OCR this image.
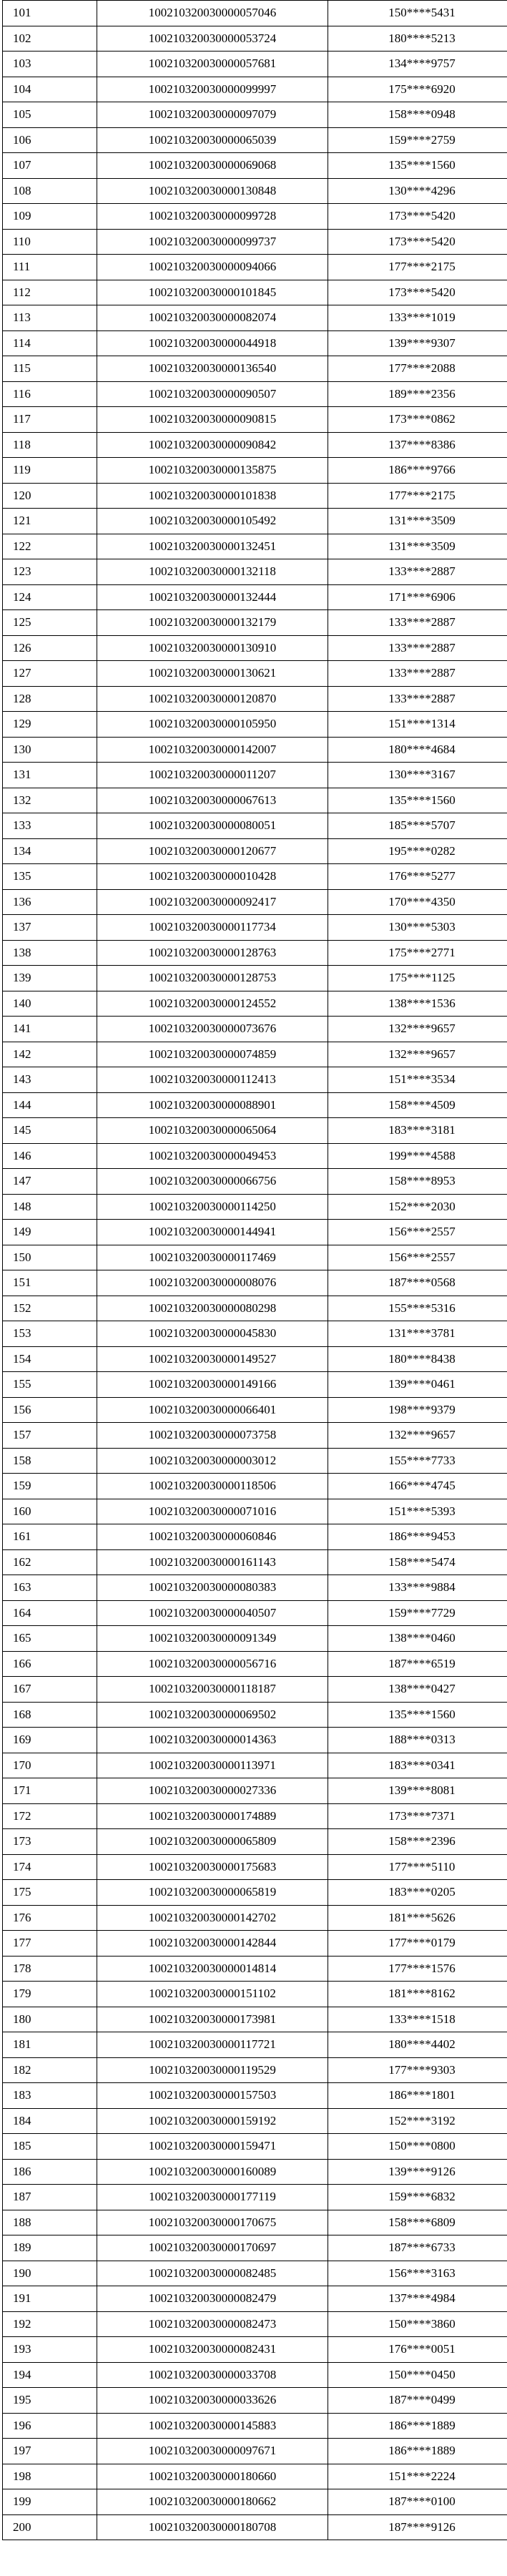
101	100210320030000057046	150****5431
102	100210320030000053724	180****5213
103	100210320030000057681	134****9757
104	100210320030000099997	175****6920
105	100210320030000097079	158****0948
106	100210320030000065039	159****2759
107	100210320030000069068	135****1560
108	100210320030000130848	130****4296
109	100210320030000099728	173****5420
110	100210320030000099737	173****5420
111	100210320030000094066	177****2175
112	100210320030000101845	173****5420
113	100210320030000082074	133****1019
114	100210320030000044918	139****9307
115	100210320030000136540	177****2088
116	100210320030000090507	189****2356
117	100210320030000090815	173****0862
118	100210320030000090842	137****8386
119	100210320030000135875	186****9766
120	100210320030000101838	177****2175
121	100210320030000105492	131****3509
122	100210320030000132451	131****3509
123	100210320030000132118	133****2887
124	100210320030000132444	171****6906
125	100210320030000132179	133****2887
126	100210320030000130910	133****2887
127	100210320030000130621	133****2887
128	100210320030000120870	133****2887
129	100210320030000105950	151****1314
130	100210320030000142007	180****4684
131	100210320030000011207	130****3167
132	100210320030000067613	135****1560
133	100210320030000080051	185****5707
134	100210320030000120677	195****0282
135	100210320030000010428	176****5277
136	100210320030000092417	170****4350
137	100210320030000117734	130****5303
138	100210320030000128763	175****2771
139	100210320030000128753	175****1125
140	100210320030000124552	138****1536
141	100210320030000073676	132****9657
142	100210320030000074859	132****9657
143	100210320030000112413	151****3534
144	100210320030000088901	158****4509
145	100210320030000065064	183****3181
146	100210320030000049453	199****4588
147	100210320030000066756	158****8953
148	100210320030000114250	152****2030
149	100210320030000144941	156****2557
150	100210320030000117469	156****2557
151	100210320030000008076	187****0568
152	100210320030000080298	155****5316
153	100210320030000045830	131****3781
154	100210320030000149527	180****8438
155	100210320030000149166	139****0461
156	100210320030000066401	198****9379
157	100210320030000073758	132****9657
158	100210320030000003012	155****7733
159	100210320030000118506	166****4745
160	100210320030000071016	151****5393
161	100210320030000060846	186****9453
162	100210320030000161143	158****5474
163	100210320030000080383	133****9884
164	100210320030000040507	159****7729
165	100210320030000091349	138****0460
166	100210320030000056716	187****6519
167	100210320030000118187	138****0427
168	100210320030000069502	135****1560
169	100210320030000014363	188****0313
170	100210320030000113971	183****0341
171	100210320030000027336	139****8081
172	100210320030000174889	173****7371
173	100210320030000065809	158****2396
174	100210320030000175683	177****5110
175	100210320030000065819	183****0205
176	100210320030000142702	181****5626
177	100210320030000142844	177****0179
178	100210320030000014814	177****1576
179	100210320030000151102	181****8162
180	100210320030000173981	133****1518
181	100210320030000117721	180****4402
182	100210320030000119529	177****9303
183	100210320030000157503	186****1801
184	100210320030000159192	152****3192
185	100210320030000159471	150****0800
186	100210320030000160089	139****9126
187	100210320030000177119	159****6832
188	100210320030000170675	158****6809
189	100210320030000170697	187****6733
190	100210320030000082485	156****3163
191	100210320030000082479	137****4984
192	100210320030000082473	150****3860
193	100210320030000082431	176****0051
194	100210320030000033708	150****0450
195	100210320030000033626	187****0499
196	100210320030000145883	186****1889
197	100210320030000097671	186****1889
198	100210320030000180660	151****2224
199	100210320030000180662	187****0100
200	100210320030000180708	187****9126
